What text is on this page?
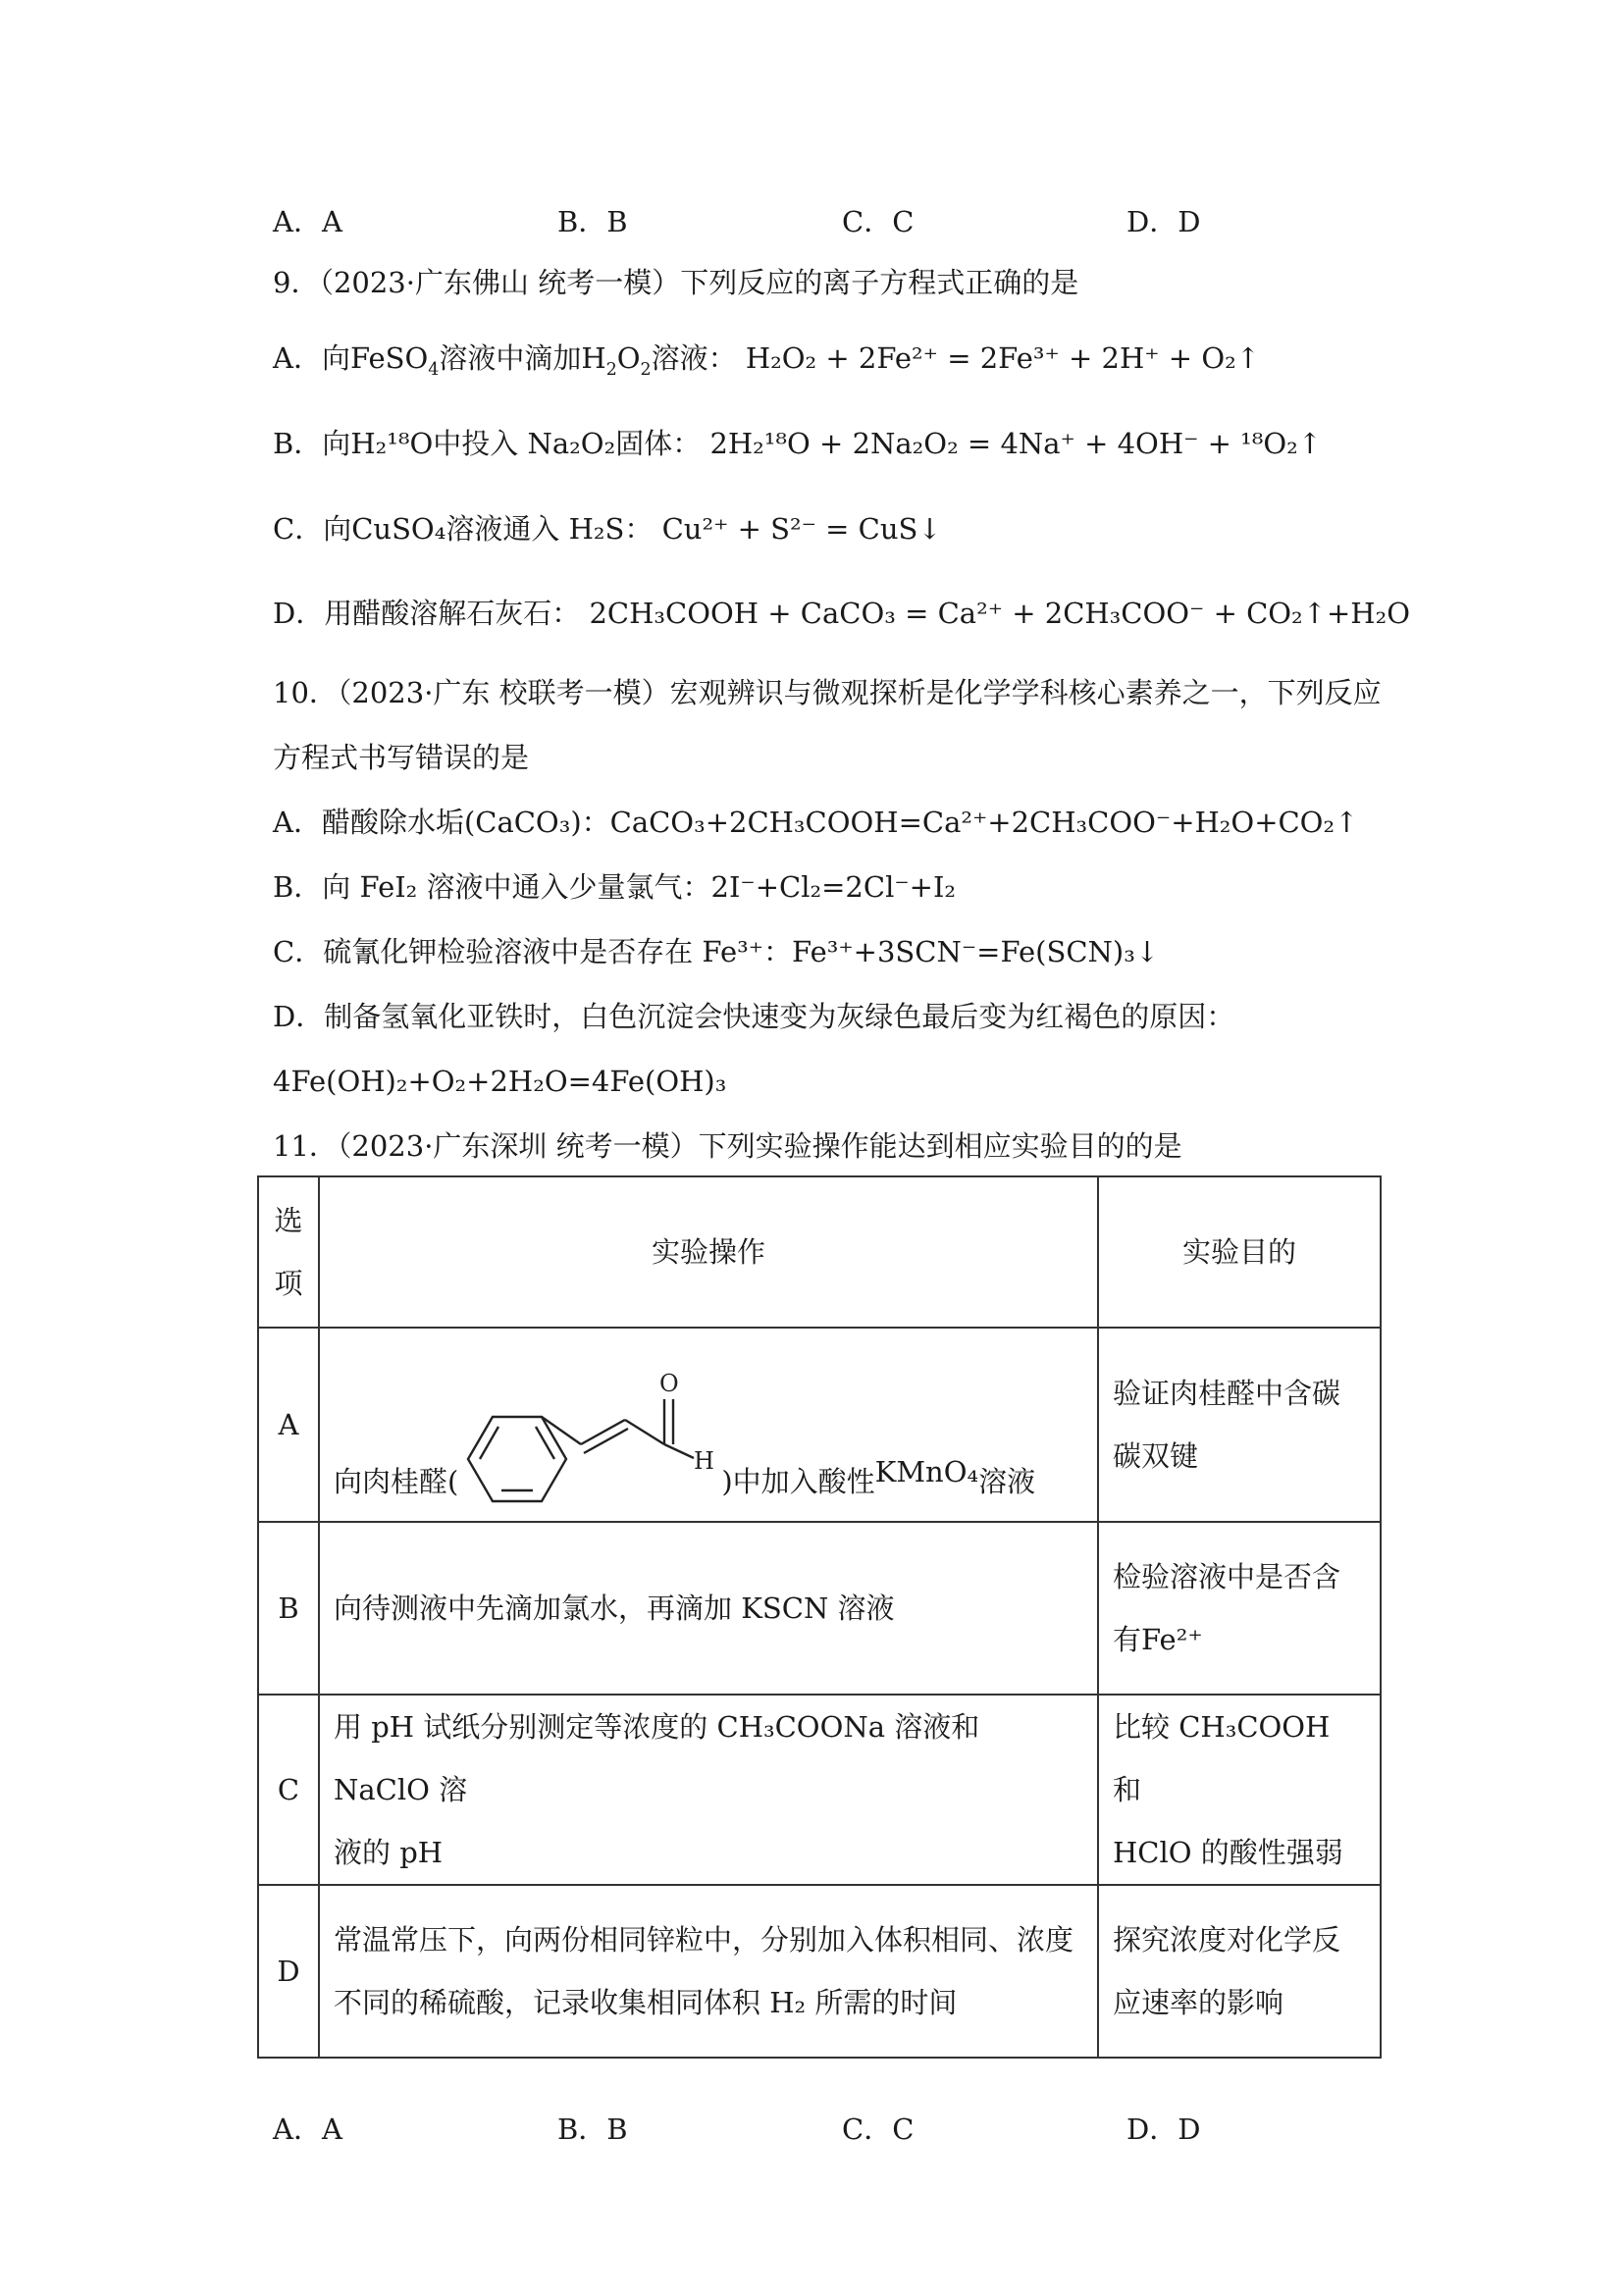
A．A	B．B	C．C	D．D
9．（2023·广东佛山 统考一模）下列反应的离子方程式正确的是
A．向FeSO$_4$溶液中滴加$H_2O_2$溶液： H₂O₂ + 2Fe²⁺ = 2Fe³⁺ + 2H⁺ + O₂↑
B．向H₂¹⁸O中投入 Na₂O₂固体： 2H₂¹⁸O + 2Na₂O₂ = 4Na⁺ + 4OH⁻ + ¹⁸O₂↑
C．向CuSO₄溶液通入 H₂S： Cu²⁺ + S²⁻ = CuS↓
D．用醋酸溶解石灰石： 2CH₃COOH + CaCO₃ = Ca²⁺ + 2CH₃COO⁻ + CO₂↑+H₂O
10．（2023·广东 校联考一模）宏观辨识与微观探析是化学学科核心素养之一，下列反应
方程式书写错误的是
A．醋酸除水垢(CaCO₃)：CaCO₃+2CH₃COOH=Ca²⁺+2CH₃COO⁻+H₂O+CO₂↑
B．向 FeI₂ 溶液中通入少量氯气：2I⁻+Cl₂=2Cl⁻+I₂
C．硫氰化钾检验溶液中是否存在 Fe³⁺：Fe³⁺+3SCN⁻=Fe(SCN)₃↓
D．制备氢氧化亚铁时，白色沉淀会快速变为灰绿色最后变为红褐色的原因：
4Fe(OH)₂+O₂+2H₂O=4Fe(OH)₃
11．（2023·广东深圳 统考一模）下列实验操作能达到相应实验目的的是
选
项	实验操作	实验目的
A	向肉桂醛(
O
H
)中加入酸性KMnO₄溶液	验证肉桂醛中含碳
碳双键

B	向待测液中先滴加氯水，再滴加 KSCN 溶液	检验溶液中是否含
有Fe²⁺

C	用 pH 试纸分别测定等浓度的 CH₃COONa 溶液和 NaClO 溶
液的 pH	比较 CH₃COOH 和
HClO 的酸性强弱

D	常温常压下，向两份相同锌粒中，分别加入体积相同、浓度
不同的稀硫酸，记录收集相同体积 H₂ 所需的时间	探究浓度对化学反
应速率的影响
A．A	B．B	C．C	D．D
